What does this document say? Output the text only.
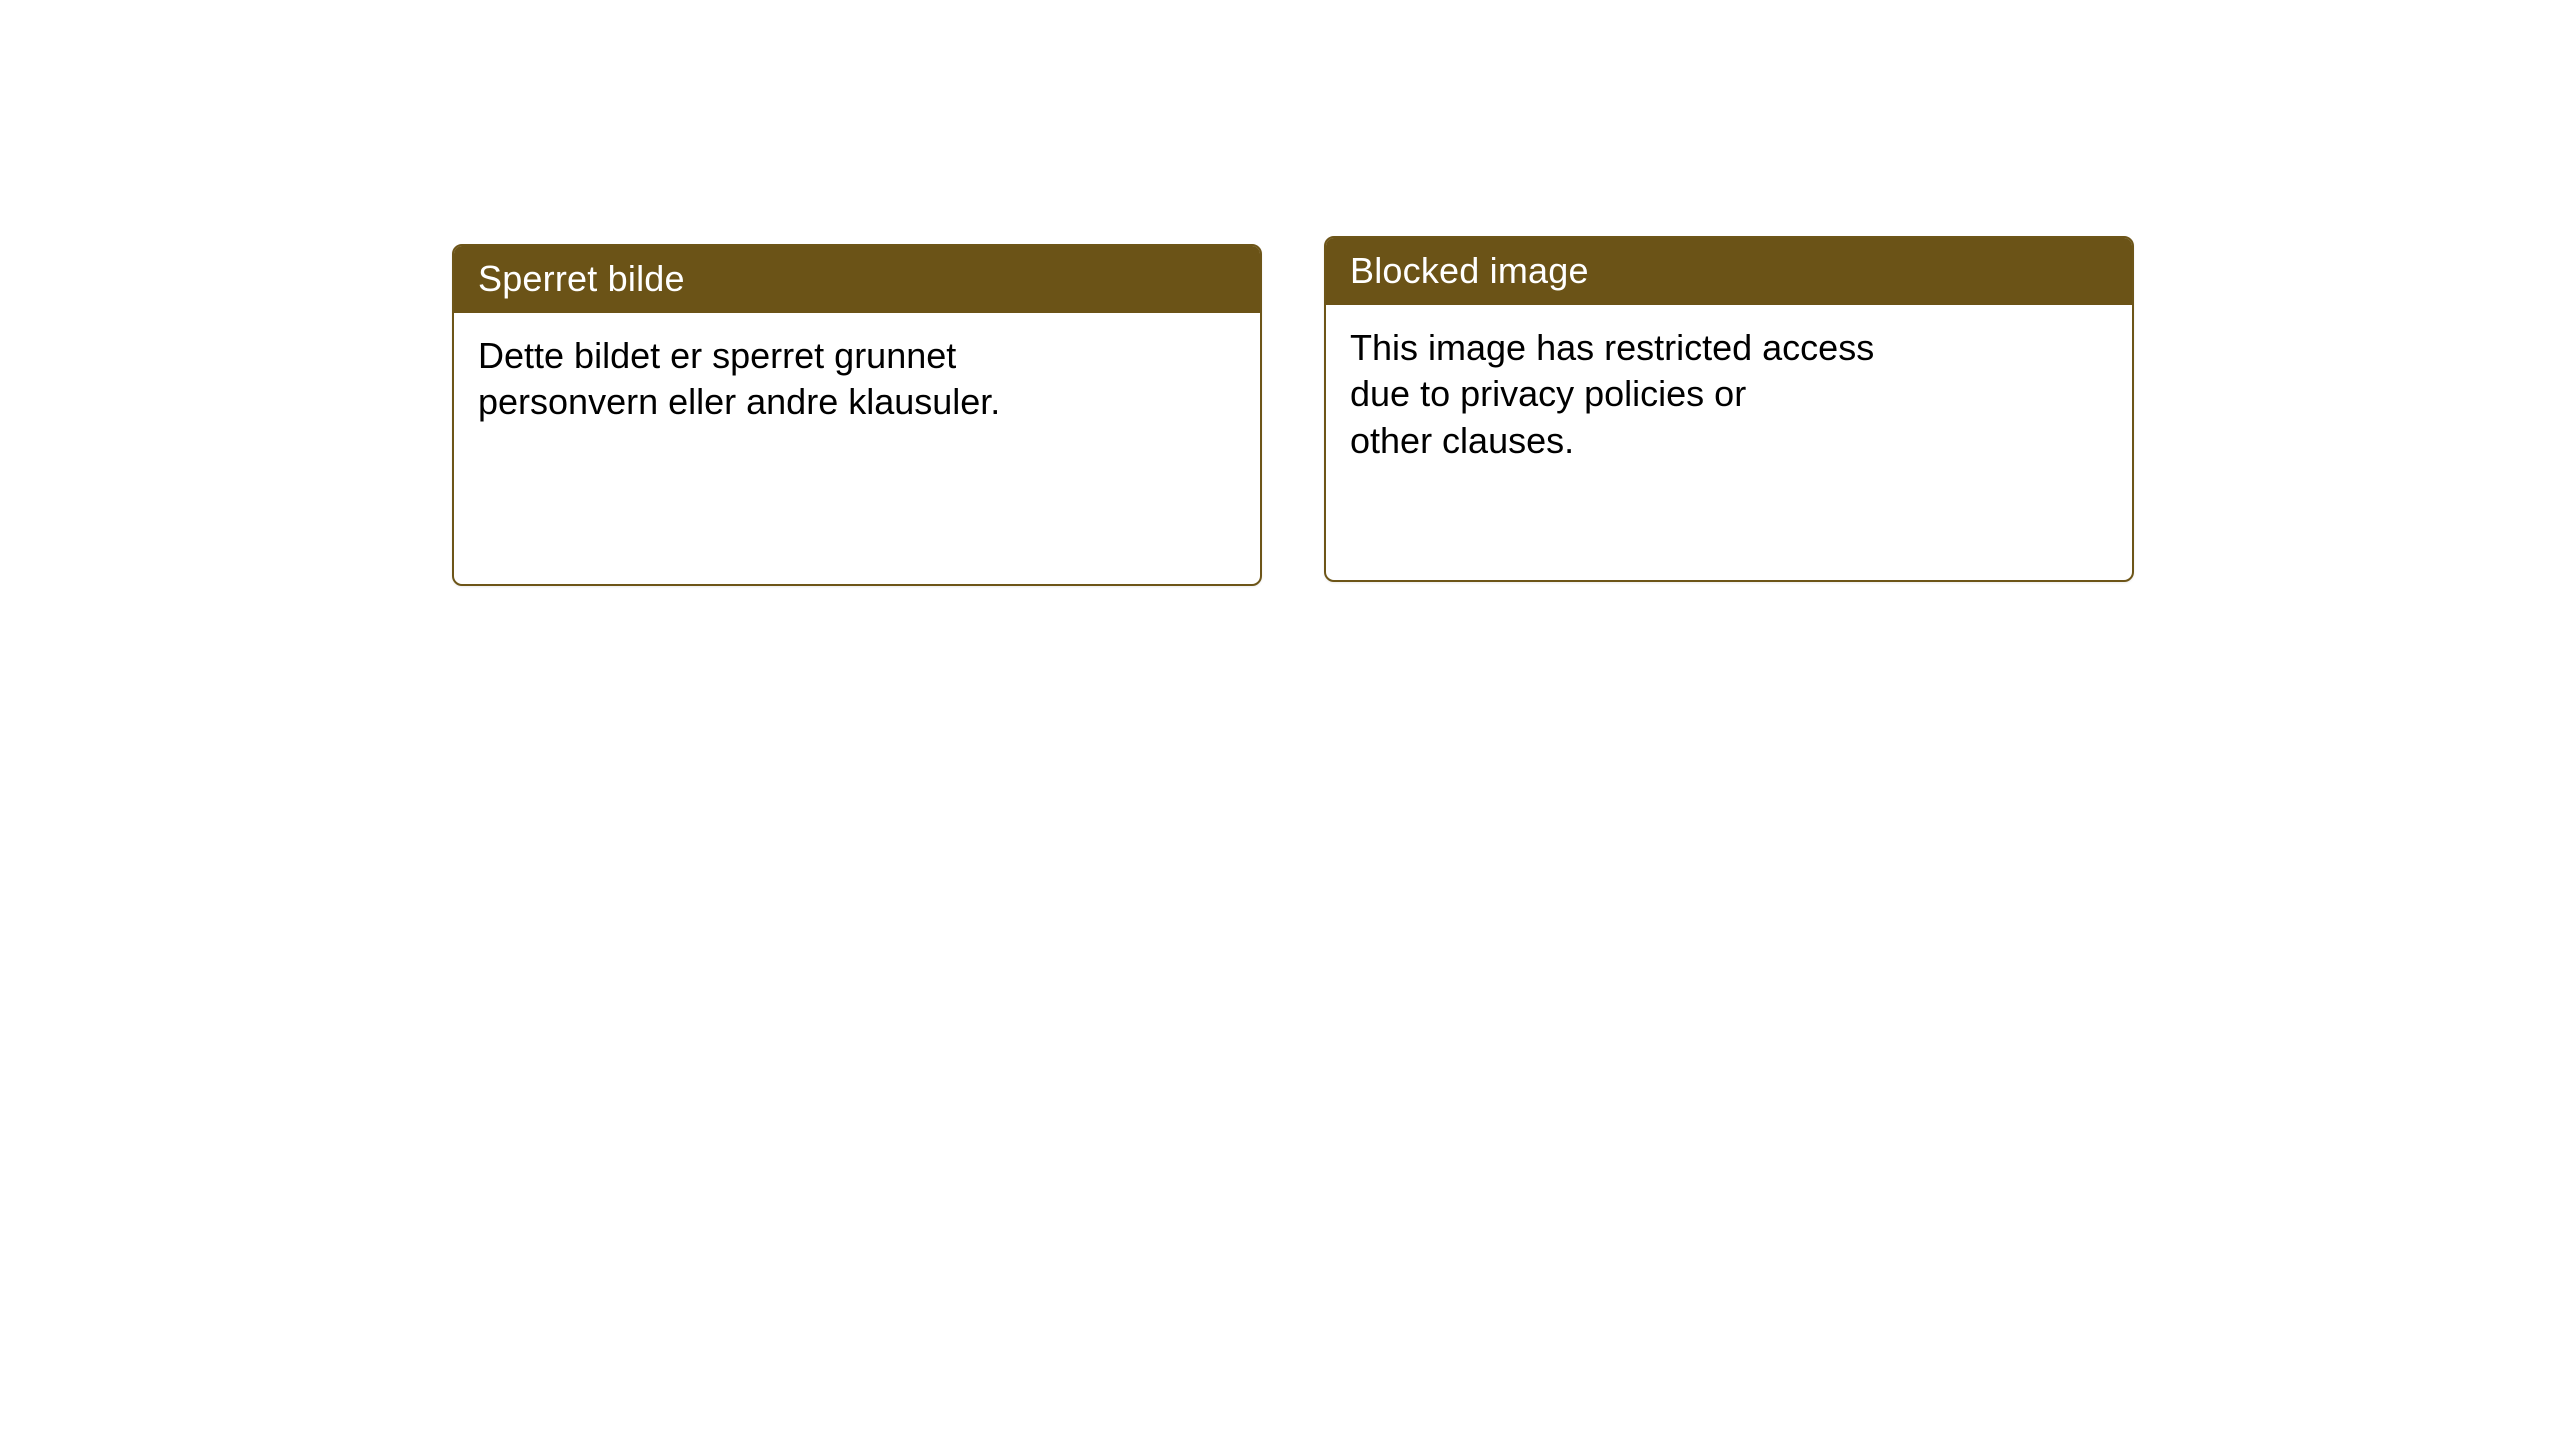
Sperret bilde
Dette bildet er sperret grunnet
personvern eller andre klausuler.
Blocked image
This image has restricted access
due to privacy policies or
other clauses.
